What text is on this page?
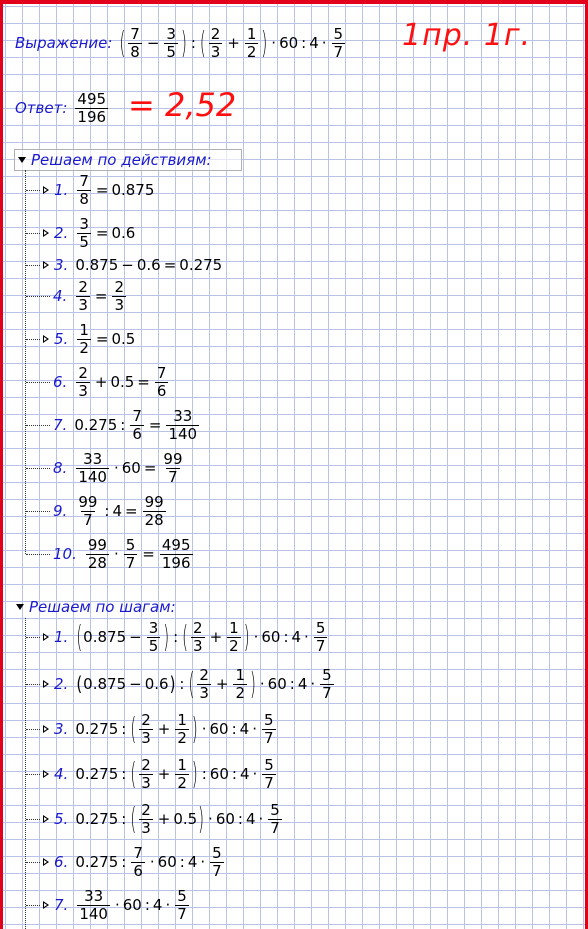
Выражение: ( $\frac{7}{8} - \frac{3}{5}$ ) : ( $\frac{2}{3} + \frac{1}{2}$ ) · 60 : $4 \cdot \frac{5}{7} 1пр$. 1г.
Ответ: $\frac{495}{196} = 2,52$
Решаем по действиям:
1. $\frac{7}{8} = 0.875$
2. $\frac{3}{5} = 0.6$
3. 0.875 − 0.6 = 0.275
4. $\frac{2}{3} = \frac{2}{3}$
5. $\frac{1}{2} = 0.5$
6. $\frac{2}{3} + 0.5 = \frac{7}{6}$
7. 0.275 : $\frac{7}{6} = \frac{33}{140}$
8. $\frac{33}{140} \cdot 60 = \frac{99}{7}$
9. $\frac{99}{7}$ : $4 = \frac{99}{28}$
10. $\frac{99}{28} \cdot \frac{5}{7} = \frac{495}{196}$
Решаем по шагам:
1. ( $0.875 - \frac{3}{5}$ ) : ( $\frac{2}{3} + \frac{1}{2}$ ) · 60 : $4 \cdot \frac{5}{7}$
2. ( 0.875 − 0.6 ) : ( $\frac{2}{3} + \frac{1}{2}$ ) · 60 : $4 \cdot \frac{5}{7}$
3. 0.275 : ( $\frac{2}{3} + \frac{1}{2}$ ) · 60 : $4 \cdot \frac{5}{7}$
4. 0.275 : ( $\frac{2}{3} + \frac{1}{2}$ ) : 60 : $4 \cdot \frac{5}{7}$
5. 0.275 : ( $\frac{2}{3} + 0.5$ ) · 60 : $4 \cdot \frac{5}{7}$
6. 0.275 : $\frac{7}{6} \cdot 60$ : $4 \cdot \frac{5}{7}$
7. $\frac{33}{140} \cdot 60$ : $4 \cdot \frac{5}{7}$
